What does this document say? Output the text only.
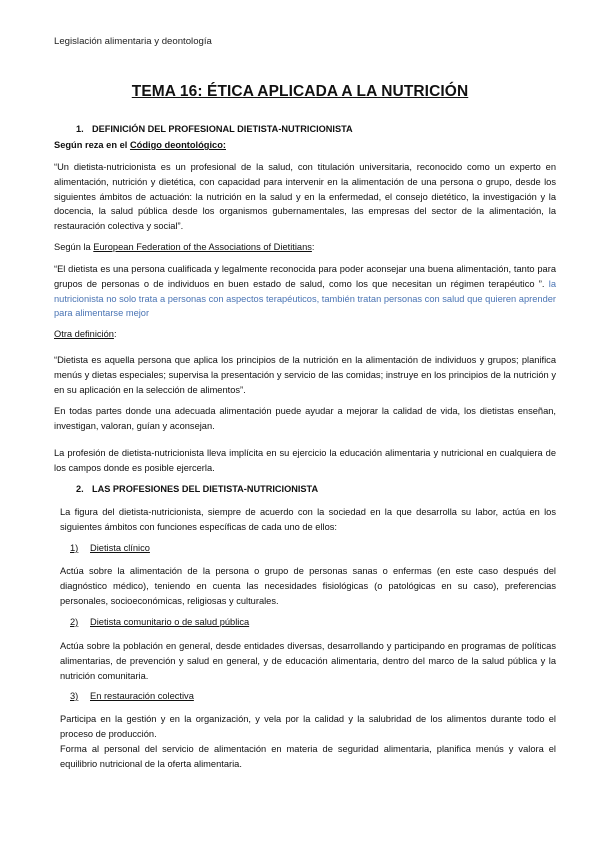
Legislación alimentaria y deontología
TEMA 16: ÉTICA APLICADA A LA NUTRICIÓN
1. DEFINICIÓN DEL PROFESIONAL DIETISTA-NUTRICIONISTA
Según reza en el Código deontológico:
“Un dietista-nutricionista es un profesional de la salud, con titulación universitaria, reconocido como un experto en alimentación, nutrición y dietética, con capacidad para intervenir en la alimentación de una persona o grupo, desde los siguientes ámbitos de actuación: la nutrición en la salud y en la enfermedad, el consejo dietético, la investigación y la docencia, la salud pública desde los organismos gubernamentales, las empresas del sector de la alimentación, la restauración colectiva y social”.
Según la European Federation of the Associations of Dietitians:
“El dietista es una persona cualificada y legalmente reconocida para poder aconsejar una buena alimentación, tanto para grupos de personas o de individuos en buen estado de salud, como los que necesitan un régimen terapéutico ”. la nutricionista no solo trata a personas con aspectos terapéuticos, también tratan personas con salud que quieren aprender para alimentarse mejor
Otra definición:
“Dietista es aquella persona que aplica los principios de la nutrición en la alimentación de individuos y grupos; planifica menús y dietas especiales; supervisa la presentación y servicio de las comidas; instruye en los principios de la nutrición y en su aplicación en la selección de alimentos”.
En todas partes donde una adecuada alimentación puede ayudar a mejorar la calidad de vida, los dietistas enseñan, investigan, valoran, guían y aconsejan.
La profesión de dietista-nutricionista lleva implícita en su ejercicio la educación alimentaria y nutricional en cualquiera de los campos donde es posible ejercerla.
2. LAS PROFESIONES DEL DIETISTA-NUTRICIONISTA
La figura del dietista-nutricionista, siempre de acuerdo con la sociedad en la que desarrolla su labor, actúa en los siguientes ámbitos con funciones específicas de cada uno de ellos:
1) Dietista clínico
Actúa sobre la alimentación de la persona o grupo de personas sanas o enfermas (en este caso después del diagnóstico médico), teniendo en cuenta las necesidades fisiológicas (o patológicas en su caso), preferencias personales, socioeconómicas, religiosas y culturales.
2) Dietista comunitario o de salud pública
Actúa sobre la población en general, desde entidades diversas, desarrollando y participando en programas de políticas alimentarias, de prevención y salud en general, y de educación alimentaria, dentro del marco de la salud pública y la nutrición comunitaria.
3) En restauración colectiva
Participa en la gestión y en la organización, y vela por la calidad y la salubridad de los alimentos durante todo el proceso de producción.
Forma al personal del servicio de alimentación en materia de seguridad alimentaria, planifica menús y valora el equilibrio nutricional de la oferta alimentaria.
